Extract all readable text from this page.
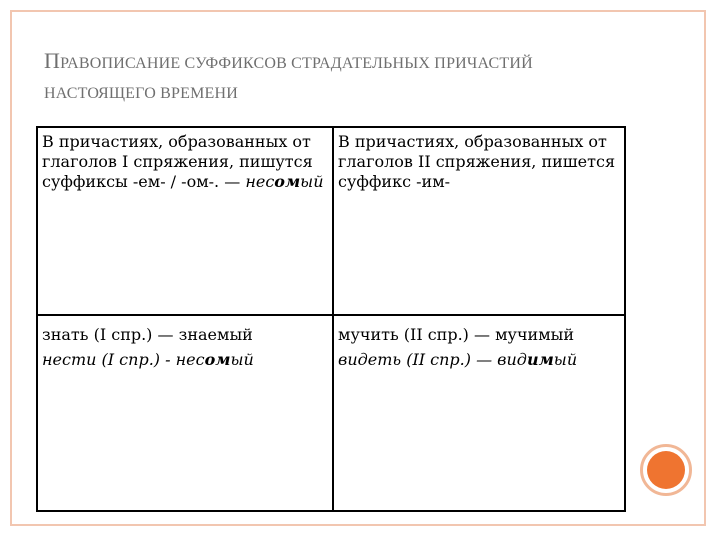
ПРАВОПИСАНИЕ СУФФИКСОВ СТРАДАТЕЛЬНЫХ ПРИЧАСТИЙ НАСТОЯЩЕГО ВРЕМЕНИ
В причастиях, образованных от глаголов I спряжения, пишутся суффиксы -ем- / -ом-. — несомый
В причастиях, образованных от глаголов II спряжения, пишется суффикс -им-
знать (I спр.) — знаемый
нести (I спр.) - несомый
мучить (II спр.) — мучимый
видеть (II спр.) — видимый
